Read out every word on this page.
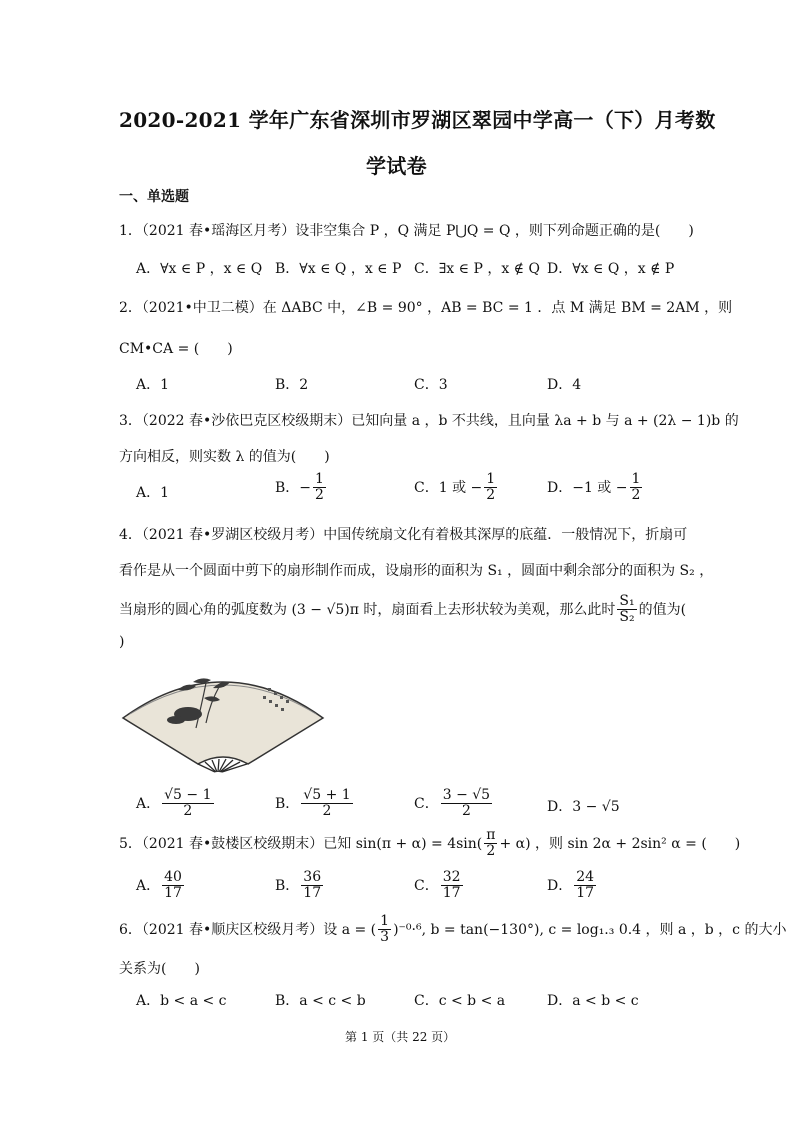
2020-2021 学年广东省深圳市罗湖区翠园中学高一（下）月考数
学试卷
一、单选题
1．（2021 春•瑶海区月考）设非空集合 P ，Q 满足 P⋃Q = Q ，则下列命题正确的是(　　)
A．∀x ∈ P ，x ∈ Q B．∀x ∈ Q ，x ∈ P C．∃x ∈ P ，x ∉ Q D．∀x ∈ Q ，x ∉ P
2．（2021•中卫二模）在 ΔABC 中，∠B = 90° ，AB = BC = 1 ．点 M 满足 BM = 2AM ，则
CM•CA = (　　)
A．1	B．2	C．3	D．4
3．（2022 春•沙依巴克区校级期末）已知向量 a ，b 不共线，且向量 λa + b 与 a + (2λ − 1)b 的
方向相反，则实数 λ 的值为(　　)
A．1	B．− $\frac{1}{2}$	C．1 或 − $\frac{1}{2}$	D．−1 或 − $\frac{1}{2}$
4．（2021 春•罗湖区校级月考）中国传统扇文化有着极其深厚的底蕴．一般情况下，折扇可
看作是从一个圆面中剪下的扇形制作而成，设扇形的面积为 S₁ ，圆面中剩余部分的面积为 S₂ ，
当扇形的圆心角的弧度数为 (3 − √5)π 时，扇面看上去形状较为美观，那么此时 $\frac{\text{S₁}}{\text{S₂}}$ 的值为(
)
A． $\frac{√5 - 1}{2}$	B． $\frac{√5 + 1}{2}$	C． $\frac{3 - √5}{2}$	D．3 − √5
5．（2021 春•鼓楼区校级期末）已知 $\sin(\pi + \alpha) = 4\sin( \frac{\pi}{2} + \alpha)$ ，则 sin 2α + 2sin² α = (　　)
A． $\frac{40}{17}$	B． $\frac{36}{17}$	C． $\frac{32}{17}$	D． $\frac{24}{17}$
6．（2021 春•顺庆区校级月考）设 a = ( $\frac{1}{3} )^{-0}\cdot^6$, b = tan(−130°), c = log₁.₃ 0.4 ，则 a ，b ，c 的大小
关系为(　　)
A．b < a < c	B．a < c < b	C．c < b < a	D．a < b < c
第 1 页（共 22 页）
